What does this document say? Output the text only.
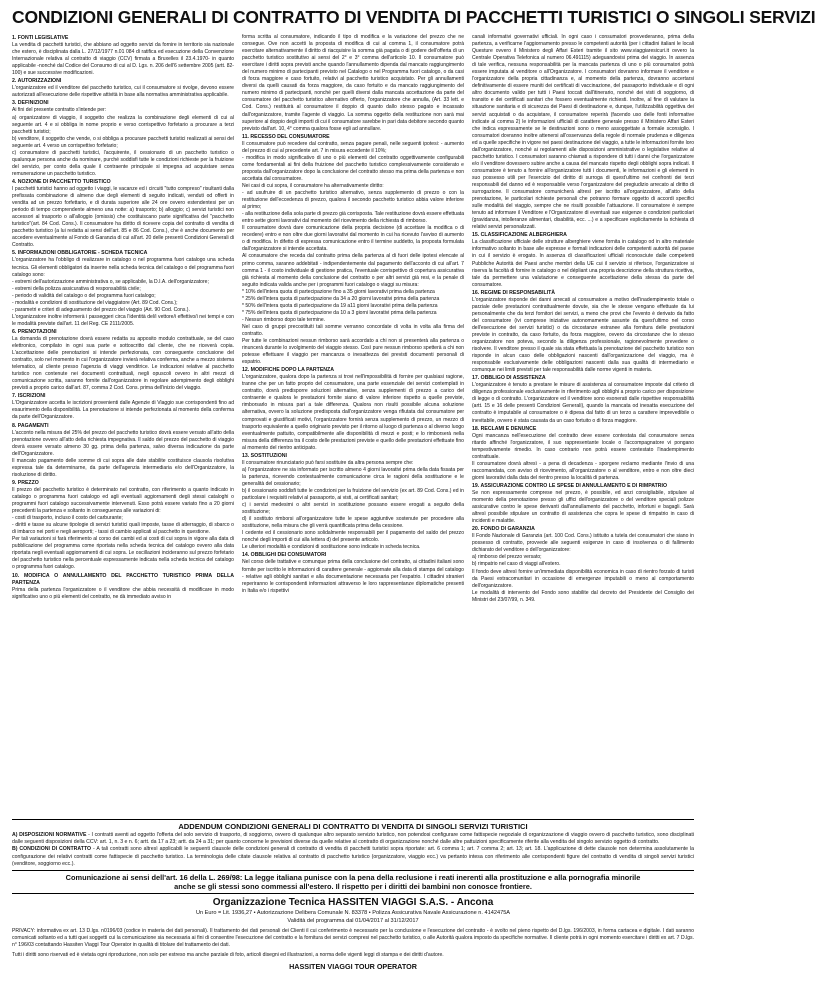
CONDIZIONI GENERALI DI CONTRATTO DI VENDITA DI PACCHETTI TURISTICI O SINGOLI SERVIZI
1. FONTI LEGISLATIVE

La vendita di pacchetti turistici, che abbiano ad oggetto servizi da fornire in territorio sia nazionale che estero, è disciplinata dalla L. 27/12/1977 n.01 084 di ratifica ed esecuzione della Convenzione Internazionale relativa al contratto di viaggio (CCV) firmata a Bruxelles il 23.4.1970- in quanto applicabile -nonché dal Codice del Consumo di cui al D. Lgs. n. 206 dell'6 settembre 2005 (artt. 82-100) e sue successive modificazioni.

2. AUTORIZZAZIONI

L'organizzatore ed il venditore del pacchetto turistico, cui il consumatore si rivolge, devono essere autorizzati all'esecuzione delle rispettive attività in base alla normativa amministrativa applicabile.

3. DEFINIZIONI

Ai fini del presente contratto s'intende per:

a) organizzatore di viaggio, il soggetto che realizza la combinazione degli elementi di cui al seguente art. 4 e si obbliga in nome proprio e verso corrispettivo forfetario a procurare a terzi pacchetti turistici;

b) venditore, il soggetto che vende, o si obbliga a procurare pacchetti turistici realizzati ai sensi del seguente art. 4 verso un corrispettivo forfetario;

c) consumatore di pacchetti turistici, l'acquirente, il cessionario di un pacchetto turistico o qualunque persona anche da nominare, purché soddisfi tutte le condizioni richieste per la fruizione del servizio, per conto della quale il contraente principale si impegna ad acquistare senza remunerazione un pacchetto turistico.

4. NOZIONE DI PACCHETTO TURISTICO

I pacchetti turistici hanno ad oggetto i viaggi, le vacanze ed i circuiti "tutto compreso" risultanti dalla prefissata combinazione di almeno due degli elementi di seguito indicati, venduti od offerti in vendita ad un prezzo forfettario, e di durata superiore alle 24 ore ovvero estendentesi per un periodo di tempo comprendente almeno una notte: a) trasporto; b) alloggio; c) servizi turistici non accessori al trasporto o all'alloggio (omissis) che costituiscano parte significativa del "pacchetto turistico"(art. 84 Cod. Cons.). Il consumatore ha diritto di ricevere copia del contratto di vendita di pacchetto turistico (a lui redatta ai sensi dell'art. 85 e 86 Cod. Cons.), che è anche documento per accedere eventualmente al Fondo di Garanzia di cui all'art. 20 delle presenti Condizioni Generali di Contratto.

5. INFORMAZIONI OBBLIGATORIE - SCHEDA TECNICA

L'organizzatore ha l'obbligo di realizzare in catalogo o nel programma fuori catalogo una scheda tecnica. Gli elementi obbligatori da inserire nella scheda tecnica del catalogo o del programma fuori catalogo sono:

- estremi dell'autorizzazione amministrativa o, se applicabile, la D.I.A. dell'organizzatore;

- estremi della polizza assicurativa di responsabilità civile;

- periodo di validità del catalogo o del programma fuori catalogo;

- modalità e condizioni di sostituzione del viaggiatore (Art. 89 Cod. Cons.);

- parametri e criteri di adeguamento del prezzo del viaggio (Art. 90 Cod. Cons.).

L'organizzatore inoltre informerà i passeggeri circa l'identità del/i vettore/i effettivo/i nei tempi e con le modalità previste dall'art. 11 del Reg. CE 2111/2005.

6. PRENOTAZIONI

La domanda di prenotazione dovrà essere redatta su apposito modulo contrattuale, se del caso elettronico, compilato in ogni sua parte e sottoscritto dal cliente, che ne riceverà copia. L'accettazione delle prenotazioni si intende perfezionata, con conseguente conclusione del contratto, solo nel momento in cui l'organizzatore invierà relativa conferma, anche a mezzo sistema telematico, al cliente presso l'agenzia di viaggi venditrice. Le indicazioni relative al pacchetto turistico non contenute nei documenti contrattuali, negli opuscoli ovvero in altri mezzi di comunicazione scritta, saranno fornite dall'organizzatore in regolare adempimento degli obblighi previsti a proprio carico dall'art. 87, comma 2 Cod. Cons. prima dell'inizio del viaggio.

7. ISCRIZIONI

L'Organizzatore accetta le iscrizioni provenienti dalle Agenzie di Viaggio sue corrispondenti fino ad esaurimento della disponibilità. La prenotazione si intende perfezionata al momento della conferma da parte dell'Organizzatore.

8. PAGAMENTI

L'acconto nella misura del 25% del prezzo del pacchetto turistico dovrà essere versato all'atto della prenotazione ovvero all'atto della richiesta impegnativa. Il saldo del prezzo del pacchetto di viaggio dovrà essere versato almeno 30 gg. prima della partenza, salvo diversa indicazione da parte dell'Organizzatore.

Il mancato pagamento delle somme di cui sopra alle date stabilite costituisce clausola risolutiva espressa tale da determinarne, da parte dell'agenzia intermediaria e/o dell'Organizzatore, la risoluzione di diritto.

9. PREZZO

Il prezzo del pacchetto turistico è determinato nel contratto, con riferimento a quanto indicato in catalogo o programma fuori catalogo ed agli eventuali aggiornamenti degli stessi cataloghi o programmi fuori catalogo successivamente intervenuti. Esso potrà essere variato fino a 20 giorni precedenti la partenza e soltanto in conseguenza alle variazioni di:

- costi di trasporto, incluso il costo del carburante;

- diritti e tasse su alcune tipologie di servizi turistici quali imposte, tasse di atterraggio, di sbarco o di imbarco nei porti e negli aeroporti; - tassi di cambio applicati al pacchetto in questione.

Per tali variazioni si farà riferimento al corso dei cambi ed ai costi di cui sopra in vigore alla data di pubblicazione del programma come riportata nella scheda tecnica del catalogo ovvero alla data riportata negli eventuali aggiornamenti di cui sopra. Le oscillazioni incideranno sul prezzo forfetario del pacchetto turistico nella percentuale espressamente indicata nella scheda tecnica del catalogo o programma fuori catalogo.

10. MODIFICA O ANNULLAMENTO DEL PACCHETTO TURISTICO PRIMA DELLA PARTENZA

Prima della partenza l'organizzatore o il venditore che abbia necessità di modificare in modo significativo uno o più elementi del contratto, ne dà immediato avviso in

forma scritta al consumatore, indicando il tipo di modifica e la variazione del prezzo che ne consegue. Ove non accetti la proposta di modifica di cui al comma 1, il consumatore potrà esercitare alternativamente il diritto di riacquisire la somma già pagata o di godere dell'offerta di un pacchetto turistico sostitutivo ai sensi del 2° e 3° comma dell'articolo 10. Il consumatore può esercitare i diritti sopra previsti anche quando l'annullamento dipenda dal mancato raggiungimento del numero minimo di partecipanti previsto nel Catalogo o nel Programma fuori catalogo, o da casi di forza maggiore e caso fortuito, relativi al pacchetto turistico acquistato. Per gli annullamenti diversi da quelli causati da forza maggiore, da caso fortuito e da mancato raggiungimento del numero minimo di partecipanti, nonché per quelli diversi dalla mancata accettazione da parte del consumatore del pacchetto turistico alternativo offerto, l'organizzatore che annulla, (Art. 33 lett. e Cod. Cons.) restituirà al consumatore il doppio di quanto dallo stesso pagato e incassato dall'organizzatore, tramite l'agente di viaggio. La somma oggetto della restituzione non sarà mai superiore al doppio degli importi di cui il consumatore sarebbe in pari data debitore secondo quanto previsto dall'art. 10, 4° comma qualora fosse egli ad annullare.

11. RECESSO DEL CONSUMATORE

Il consumatore può recedere dal contratto, senza pagare penali, nelle seguenti ipotesi: - aumento del prezzo di cui al precedente art. 7 in misura eccedente il 10%;

- modifica in modo significativo di uno o più elementi del contratto oggettivamente configurabili come fondamentali ai fini della fruizione del pacchetto turistico complessivamente considerato e proposta dall'organizzatore dopo la conclusione del contratto stesso ma prima della partenza e non accettata dal consumatore.

Nei casi di cui sopra, il consumatore ha alternativamente diritto:

- ad usufruire di un pacchetto turistico alternativo, senza supplemento di prezzo o con la restituzione dell'eccedenza di prezzo, qualora il secondo pacchetto turistico abbia valore inferiore al primo;

- alla restituzione della sola parte di prezzo già corrisposta. Tale restituzione dovrà essere effettuata entro sette giorni lavorativi dal momento del ricevimento della richiesta di rimborso.

Il consumatore dovrà dare comunicazione della propria decisione (di accettare la modifica o di recedere) entro e non oltre due giorni lavorativi dal momento in cui ha ricevuto l'avviso di aumento o di modifica. In difetto di espressa comunicazione entro il termine suddetto, la proposta formulata dall'organizzatore si intende accettata.

Al consumatore che receda dal contratto prima della partenza al di fuori delle ipotesi elencate al primo comma, saranno addebitati - indipendentemente dal pagamento dell'acconto di cui all'art. 7 comma 1 - il costo individuale di gestione pratica, l'eventuale corrispettivo di copertura assicurativa già richiesta al momento della conclusione del contratto o per altri servizi già resi, e la penale di seguito indicata valida anche per i programmi fuori catalogo o viaggi su misura:

* 10% dell'intera quota di partecipazione fino a 35 giorni lavorativi prima della partenza

* 25% dell'intera quota di partecipazione da 34 a 20 giorni lavorativi prima della partenza

* 50% dell'intera quota di partecipazione da 19 a11 giorni lavorativi prima della partenza

* 75% dell'intera quota di partecipazione da 10 a 3 giorni lavorativi prima della partenza

- Nessun rimborso dopo tale termine.

Nel caso di gruppi precostituiti tali somme verranno concordate di volta in volta alla firma del contratto.

Per tutte le combinazioni nessun rimborso sarà accordato a chi non si presenterà alla partenza o rinuncerà durante lo svolgimento del viaggio stesso. Così pure nessun rimborso spetterà a chi non potesse effettuare il viaggio per mancanza o inesattezza dei previsti documenti personali di espatrio.

12. MODIFICHE DOPO LA PARTENZA

L'organizzatore, qualora dopo la partenza si trovi nell'impossibilità di fornire per qualsiasi ragione, tranne che per un fatto proprio del consumatore, una parte essenziale dei servizi contemplati in contratto, dovrà predisporre soluzioni alternative, senza supplementi di prezzo a carico del contraente e qualora le prestazioni fornite siano di valore inferiore rispetto a quelle previste, rimborsarlo in misura pari a tale differenza. Qualora non risulti possibile alcuna soluzione alternativa, ovvero la soluzione predisposta dall'organizzatore venga rifiutata dal consumatore per comprovati e giustificati motivi, l'organizzatore fornirà senza supplemento di prezzo, un mezzo di trasporto equivalente a quello originario previsto per il ritorno al luogo di partenza o al diverso luogo eventualmente pattuito, compatibilmente alle disponibilità di mezzi e posti; e lo rimborserà nella misura della differenza tra il costo delle prestazioni previste e quello delle prestazioni effettuate fino al momento del rientro anticipato.

13. SOSTITUZIONI

Il consumatore rinunciatario può farsi sostituire da altra persona sempre che:

a) l'organizzatore ne sia informato per iscritto almeno 4 giorni lavorativi prima della data fissata per la partenza, ricevendo contestualmente comunicazione circa le ragioni della sostituzione e le generalità del cessionario;

b) il cessionario soddisfi tutte le condizioni per la fruizione del servizio (ex art. 89 Cod. Cons.) ed in particolare i requisiti relativi al passaporto, ai visti, ai certificati sanitari;

c) i servizi medesimi o altri servizi in sostituzione possano essere erogati a seguito della sostituzione;

d) il sostituto rimborsi all'organizzatore tutte le spese aggiuntive sostenute per procedere alla sostituzione, nella misura che gli verrà quantificata prima della cessione.

I cedente ed il cessionario sono solidalmente responsabili per il pagamento del saldo del prezzo nonché degli importi di cui alla lettera d) del presente articolo.

Le ulteriori modalità e condizioni di sostituzione sono indicate in scheda tecnica.

14. OBBLIGHI DEI CONSUMATORI

Nel corso delle trattative e comunque prima della conclusione del contratto, ai cittadini italiani sono fornite per iscritto le informazioni di carattere generale - aggiornate alla data di stampa del catalogo - relative agli obblighi sanitari e alla documentazione necessaria per l'espatrio. I cittadini stranieri reperiranno le corrispondenti informazioni attraverso le loro rappresentanze diplomatiche presenti in Italia e/o i rispettivi

canali informativi governativi ufficiali. In ogni caso i consumatori provvederanno, prima della partenza, a verificarne l'aggiornamento presso le competenti autorità (per i cittadini italiani le locali Questure ovvero il Ministero degli Affari Esteri tramite il sito www.viaggiaresicuri.it ovvero la Centrale Operativa Telefonica al numero 06.491115) adeguandovisi prima del viaggio. In assenza di tale verifica, nessuna responsabilità per la mancata partenza di uno o più consumatori potrà essere imputata al venditore o all'Organizzatore. I consumatori dovranno informare il venditore e l'organizzatore della propria cittadinanza e, al momento della partenza, dovranno accertarsi definitivamente di essere muniti dei certificati di vaccinazione, del passaporto individuale e di ogni altro documento valido per tutti i Paesi toccati dall'itinerario, nonché dei visti di soggiorno, di transito e dei certificati sanitari che fossero eventualmente richiesti. Inoltre, al fine di valutare la situazione sanitaria e di sicurezza dei Paesi di destinazione e, dunque, l'utilizzabilità oggettiva dei servizi acquistati o da acquistare, il consumatore reperirà (facendo uso delle fonti informative indicate al comma 2) le informazioni ufficiali di carattere generale presso il Ministero Affari Esteri che indica espressamente se le destinazioni sono o meno assoggettate a formale sconsiglio. I consumatori dovranno inoltre attenersi all'osservanza della regole di normale prudenza e diligenza ed a quelle specifiche in vigore nei paesi destinazione del viaggio, a tutte le informazioni fornite loro dall'organizzatore, nonché ai regolamenti alle disposizioni amministrative o legislative relative al pacchetto turistico. I consumatori saranno chiamati a rispondere di tutti i danni che l'organizzatore e/o il venditore dovessero subire anche a causa del mancato rispetto degli obblighi sopra indicati. Il consumatore è tenuto a fornire all'organizzatore tutti i documenti, le informazioni e gli elementi in suo possesso utili per l'esercizio del diritto di surroga di quest'ultimo nei confronti dei terzi responsabili del danno ed è responsabile verso l'organizzatore del pregiudizio arrecato al diritto di surrogazione. Il consumatore comunicherà altresì per iscritto all'organizzatore, all'atto della prenotazione, le particolari richieste personali che potranno formare oggetto di accordi specifici sulle modalità del viaggio, sempre che ne risulti possibile l'attuazione. Il consumatore è sempre tenuto ad informare il Venditore e l'Organizzatore di eventuali sue esigenze o condizioni particolari (gravidanza, intolleranze alimentari, disabilità, ecc. ...) e a specificare esplicitamente la richiesta di relativi servizi personalizzati.

15. CLASSIFICAZIONE ALBERGHIERA

La classificazione ufficiale delle strutture alberghiere viene fornita in catalogo od in altro materiale informativo soltanto in base alle espresse e formali indicazioni delle competenti autorità del paese in cui il servizio è erogato. In assenza di classificazioni ufficiali riconosciute dalle competenti Pubbliche Autorità dei Paesi anche membri della UE cui il servizio si riferisce, l'organizzatore si riserva la facoltà di fornire in catalogo o nel dépliant una propria descrizione della struttura ricettiva, tale da permettere una valutazione e conseguente accettazione della stessa da parte del consumatore.

16. REGIME DI RESPONSABILITÀ

L'organizzatore risponde dei danni arrecati al consumatore a motivo dell'inadempimento totale o parziale delle prestazioni contrattualmente dovute, sia che le stesse vengano effettuate da lui personalmente che da terzi fornitori dei servizi, a meno che provi che l'evento è derivato da fatto del consumatore (ivi comprese iniziative autonomamente assunte da quest'ultimo nel corso dell'esecuzione dei servizi turistici) o da circostanze estranee alla fornitura delle prestazioni previste in contratto, da caso fortuito, da forza maggiore, ovvero da circostanze che lo stesso organizzatore non poteva, secondo la diligenza professionale, ragionevolmente prevedere o risolvere. Il venditore presso il quale sia stata effettuata la prenotazione del pacchetto turistico non risponde in alcun caso delle obbligazioni nascenti dall'organizzazione del viaggio, ma è responsabile esclusivamente delle obbligazioni nascenti dalla sua qualità di intermediario e comunque nei limiti previsti per tale responsabilità dalle norme vigenti in materia.

17. OBBLIGO DI ASSISTENZA

L'organizzatore è tenuto a prestare le misure di assistenza al consumatore imposte dal criterio di diligenza professionale esclusivamente in riferimento agli obblighi a proprio carico per disposizione di legge o di contratto. L'organizzatore ed il venditore sono esonerati dalle rispettive responsabilità (artt. 15 e 16 delle presenti Condizioni Generali), quando la mancata od inesatta esecuzione del contratto è imputabile al consumatore o è dipesa dal fatto di un terzo a carattere imprevedibile o inevitabile, ovvero è stata causata da un caso fortuito o di forza maggiore.

18. RECLAMI E DENUNCE

Ogni mancanza nell'esecuzione del contratto deve essere contestata dal consumatore senza ritardo affinché l'organizzatore, il suo rappresentante locale o l'accompagnatore vi pongano tempestivamente rimedio. In caso contrario non potrà essere contestato l'inadempimento contrattuale.

Il consumatore dovrà altresì - a pena di decadenza - sporgere reclamo mediante l'invio di una raccomandata, con avviso di ricevimento, all'organizzatore o al venditore, entro e non oltre dieci giorni lavorativi dalla data del rientro presso la località di partenza.

19. ASSICURAZIONE CONTRO LE SPESE DI ANNULLAMENTO E DI RIMPATRIO

Se non espressamente comprese nel prezzo, è possibile, ed anzi consigliabile, stipulare al momento della prenotazione presso gli uffici dell'organizzatore o del venditore speciali polizze assicurative contro le spese derivanti dall'annullamento del pacchetto, infortuni e bagagli. Sarà altresì possibile stipulare un contratto di assistenza che copra le spese di rimpatrio in caso di incidenti e malattie.

20. FONDO DI GARANZIA

Il Fondo Nazionale di Garanzia (art. 100 Cod. Cons.) istituito a tutela dei consumatori che siano in possesso di contratto, provvede alle seguenti esigenze in caso di insolvenza o di fallimento dichiarato del venditore o dell'organizzatore:

a) rimborso del prezzo versato;

b) rimpatrio nel caso di viaggi all'estero.

Il fondo deve altresì fornire un'immediata disponibilità economica in caso di rientro forzato di turisti da Paesi extracomunitari in occasione di emergenze imputabili o meno al comportamento dell'organizzatore.

Le modalità di intervento del Fondo sono stabilite dal decreto del Presidente del Consiglio dei Ministri del 23/07/99, n. 349.

ADDENDUM CONDIZIONI GENERALI DI CONTRATTO DI VENDITA DI SINGOLI SERVIZI TURISTICI

A) DISPOSIZIONI NORMATIVE - I contratti aventi ad oggetto l'offerta del solo servizio di trasporto, di soggiorno, ovvero di qualunque altro separato servizio turistico, non potendosi configurare come fattispecie negoziale di organizzazione di viaggio ovvero di pacchetto turistico, sono disciplinati dalle seguenti disposizioni della CCV: art. 1, n. 3 e n. 6; artt. da 17 a 23; artt. da 24 a 31; per quanto concerne le previsioni diverse da quelle relative al contratto di organizzazione nonché dalle altre pattuizioni specificamente riferite alla vendita del singolo servizio oggetto di contratto.

B) CONDIZIONI DI CONTRATTO - A tali contratti sono altresì applicabili le seguenti clausole delle condizioni generali di contratto di vendita di pacchetti turistici sopra riportate: art. 6 comma 1; art. 7 comma 2; art. 13; art. 18. L'applicazione di dette clausole non determina assolutamente la configurazione dei relativi contratti come fattispecie di pacchetto turistico. La terminologia delle citate clausole relativa al contratto di pacchetto turistico (organizzatore, viaggio ecc.) va pertanto intesa con riferimento alle corrispondenti figure del contratto di vendita di singoli servizi turistici (venditore, soggiorno ecc.).

Comunicazione ai sensi dell'art. 16 della L. 269/98: La legge italiana punisce con la pena della reclusione i reati inerenti alla prostituzione e alla pornografia minorile
anche se gli stessi sono commessi all'estero. Il rispetto per i diritti dei bambini non conosce frontiere.
Organizzazione Tecnica HASSITEN VIAGGI S.A.S. - Ancona
Un Euro = Lit. 1936,27 • Autorizzazione Delibera Comunale N. 83378 • Polizza Assicurativa Navale Assicurazione n. 4142475A
Validità del programma dal 01/04/2017 al 31/12/2017

PRIVACY: informativa ex art. 13 D.lgs. n0196/03 (codice in materia dei dati personali). Il trattamento dei dati personali dei Clienti il cui conferimento è necessario per la conclusione e l'esecuzione del contratto - è svolto nel pieno rispetto del D.lgs. 196/2003, in forma cartacea e digitale. I dati saranno comunicati soltanto ed a tutti quei soggetti cui la comunicazione sia necessaria ai fini di consentire l'esecuzione del contratto e la fornitura dei servizi compresi nel pacchetto turistico, o alle Autorità qualora imposto da specifiche normative. Il cliente potrà in ogni momento esercitare i diritti ex art. 7 D.lgs. n° 196/03 contattando Hassiten Viaggi Tour Operator in qualità di titolare del trattamento dei dati.

Tutti i diritti sono riservati ed è vietata ogni riproduzione, non solo per estreso ma anche parziale di foto, articoli disegni ed illustrazioni, a norma delle vigenti leggi di stampa e dei diritti d'autore.
HASSITEN VIAGGI TOUR OPERATOR
